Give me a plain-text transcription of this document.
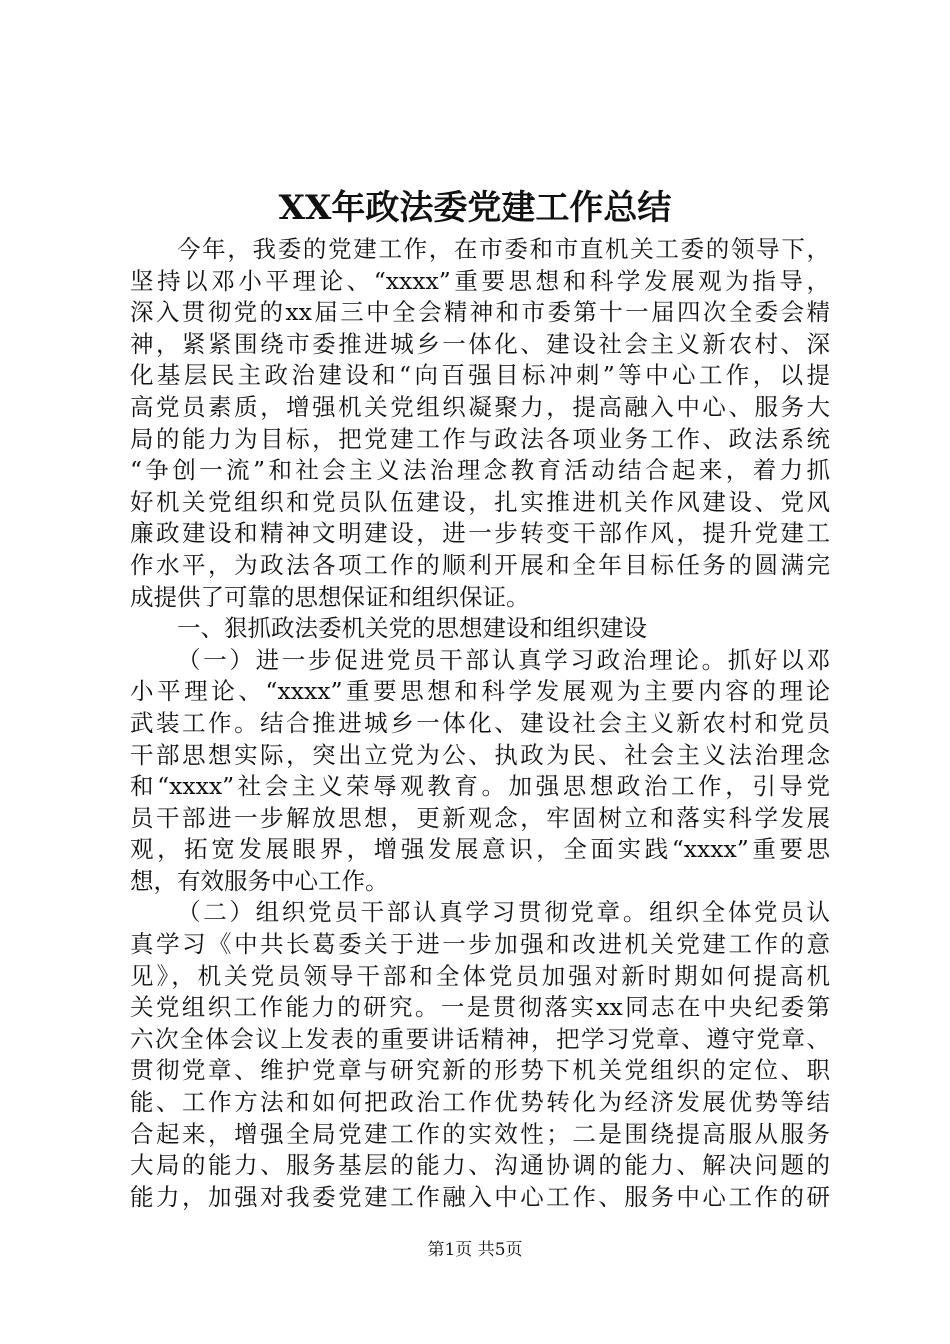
XX年政法委党建工作总结
今年，我委的党建工作，在市委和市直机关工委的领导下，
坚持以邓小平理论、“xxxx”重要思想和科学发展观为指导，
深入贯彻党的xx届三中全会精神和市委第十一届四次全委会精
神，紧紧围绕市委推进城乡一体化、建设社会主义新农村、深
化基层民主政治建设和“向百强目标冲刺”等中心工作，以提
高党员素质，增强机关党组织凝聚力，提高融入中心、服务大
局的能力为目标，把党建工作与政法各项业务工作、政法系统
“争创一流”和社会主义法治理念教育活动结合起来，着力抓
好机关党组织和党员队伍建设，扎实推进机关作风建设、党风
廉政建设和精神文明建设，进一步转变干部作风，提升党建工
作水平，为政法各项工作的顺利开展和全年目标任务的圆满完
成提供了可靠的思想保证和组织保证。
一、狠抓政法委机关党的思想建设和组织建设
（一）进一步促进党员干部认真学习政治理论。抓好以邓
小平理论、“xxxx”重要思想和科学发展观为主要内容的理论
武装工作。结合推进城乡一体化、建设社会主义新农村和党员
干部思想实际，突出立党为公、执政为民、社会主义法治理念
和“xxxx”社会主义荣辱观教育。加强思想政治工作，引导党
员干部进一步解放思想，更新观念，牢固树立和落实科学发展
观，拓宽发展眼界，增强发展意识，全面实践“xxxx”重要思
想，有效服务中心工作。
（二）组织党员干部认真学习贯彻党章。组织全体党员认
真学习《中共长葛委关于进一步加强和改进机关党建工作的意
见》，机关党员领导干部和全体党员加强对新时期如何提高机
关党组织工作能力的研究。一是贯彻落实xx同志在中央纪委第
六次全体会议上发表的重要讲话精神，把学习党章、遵守党章、
贯彻党章、维护党章与研究新的形势下机关党组织的定位、职
能、工作方法和如何把政治工作优势转化为经济发展优势等结
合起来，增强全局党建工作的实效性；二是围绕提高服从服务
大局的能力、服务基层的能力、沟通协调的能力、解决问题的
能力，加强对我委党建工作融入中心工作、服务中心工作的研
第1页 共5页
